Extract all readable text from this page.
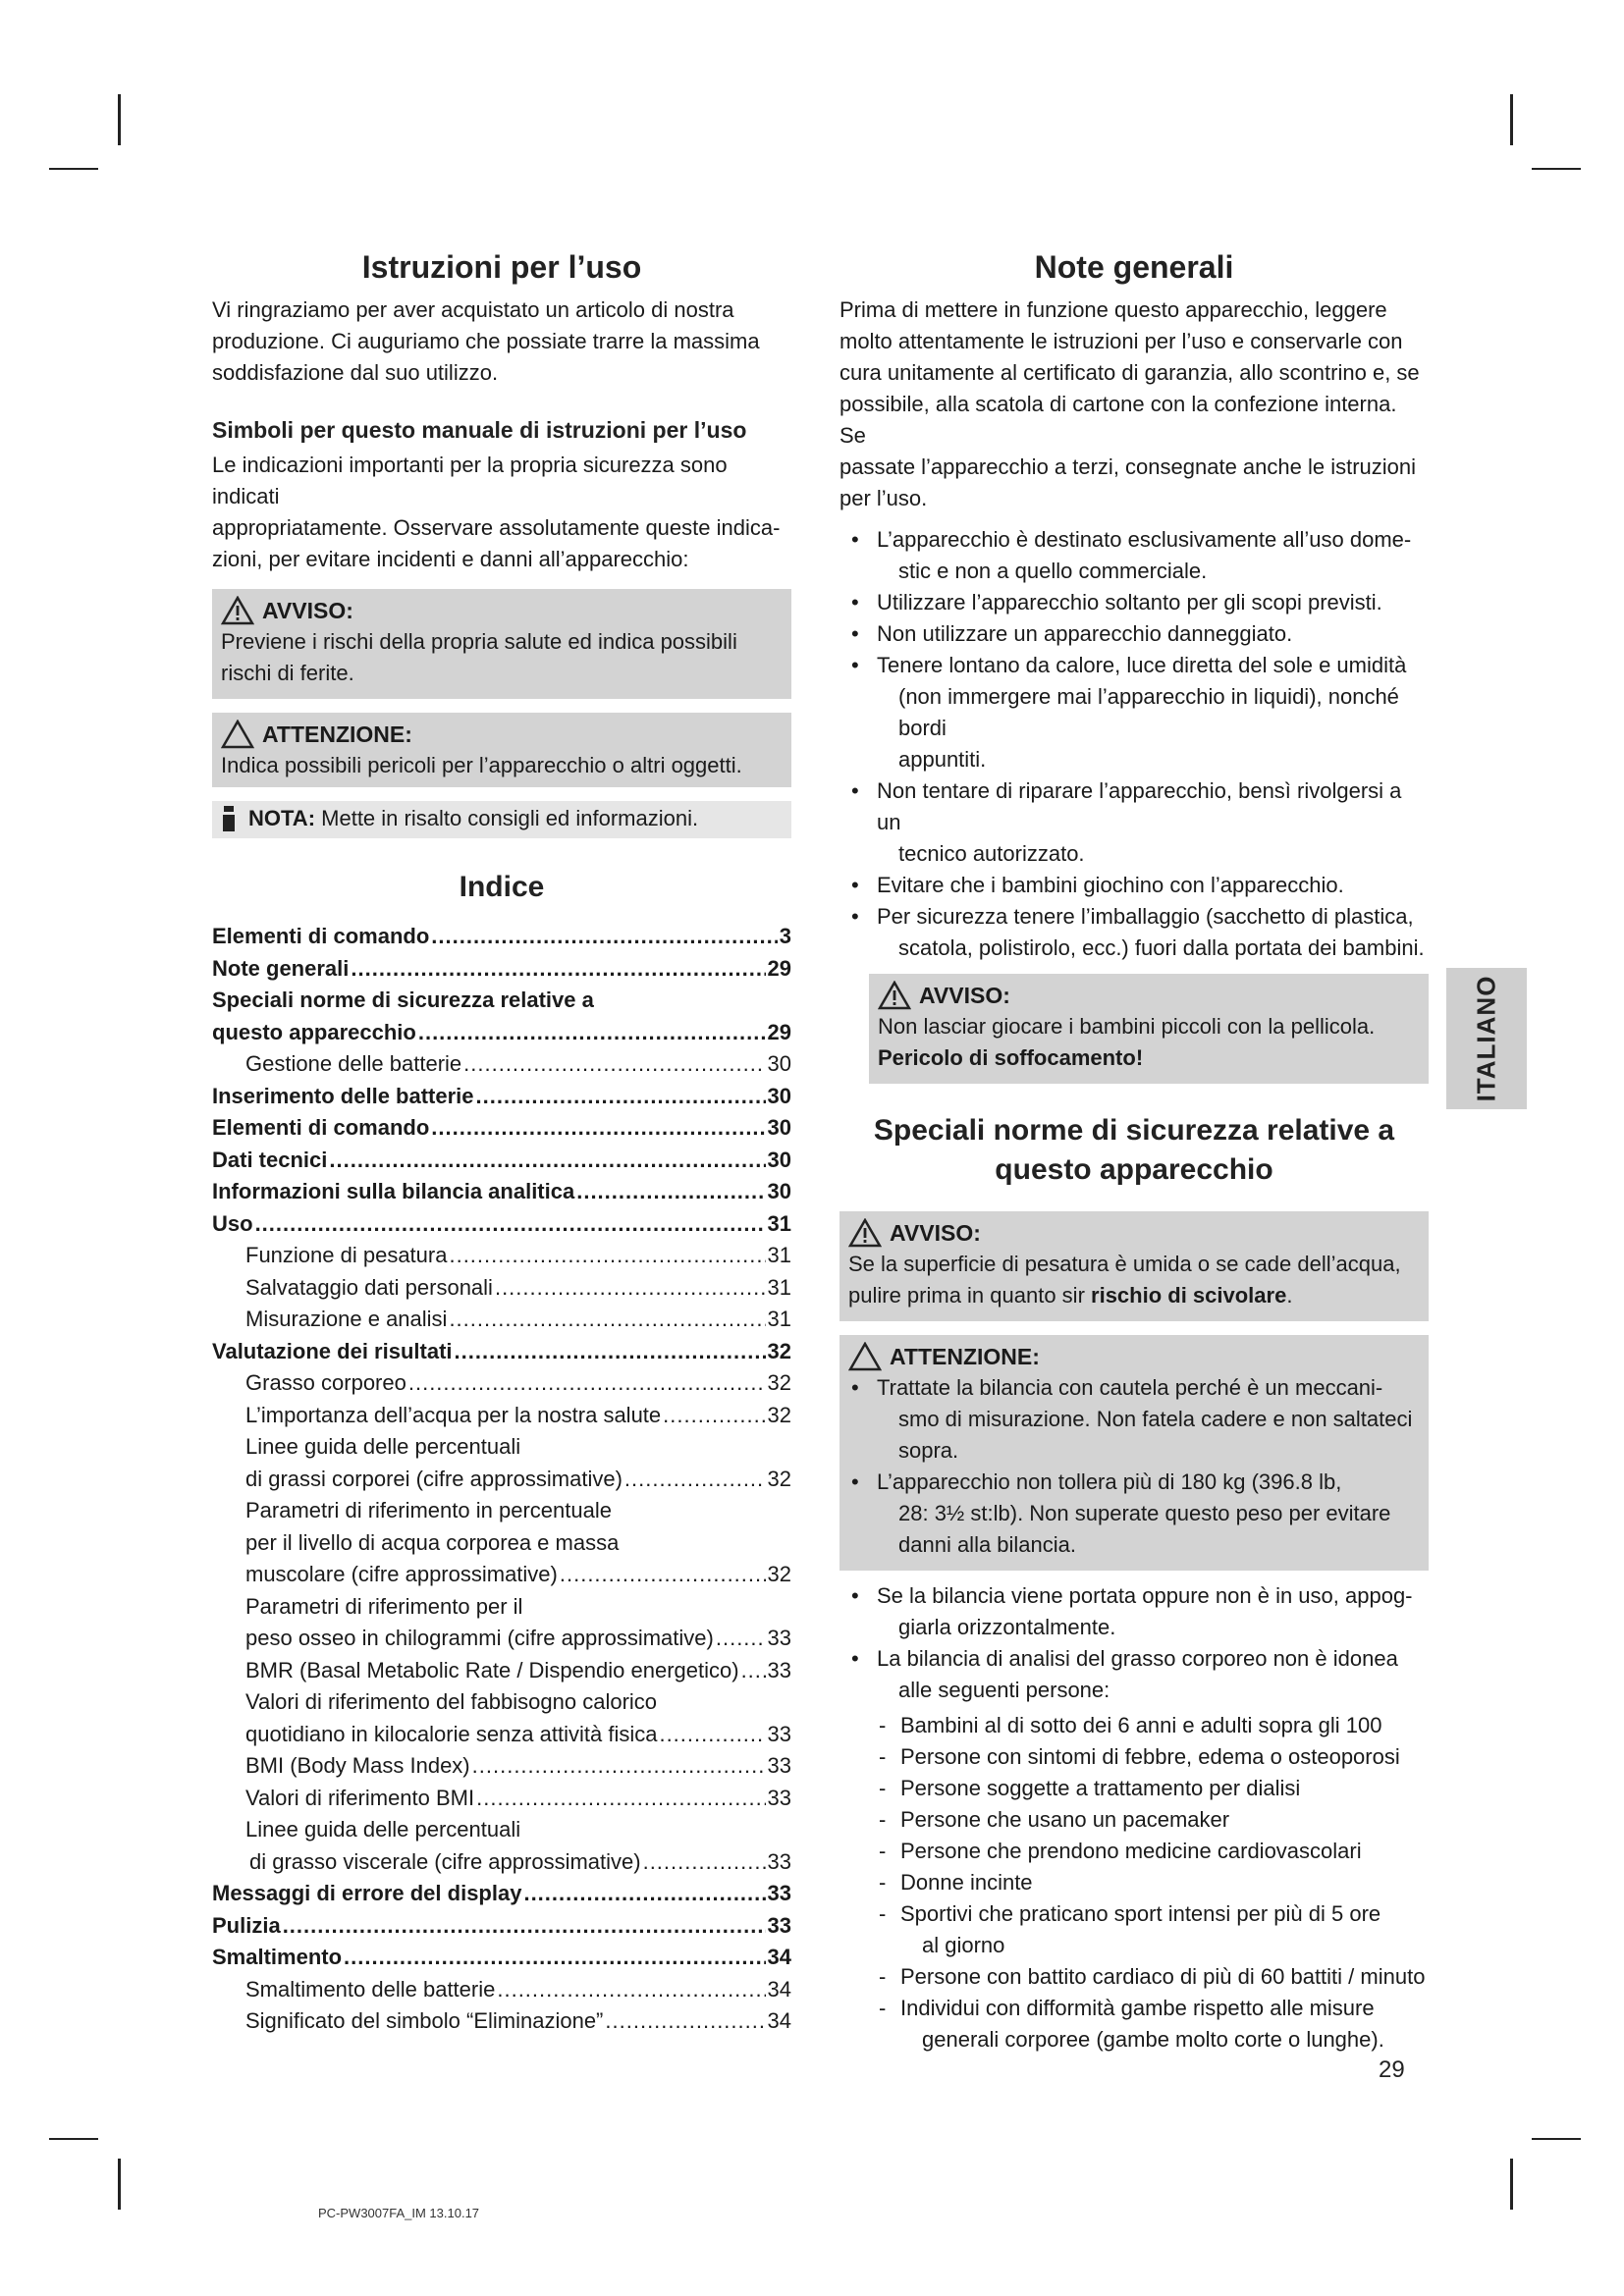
Istruzioni per l’uso

Vi ringraziamo per aver acquistato un articolo di nostra

produzione. Ci auguriamo che possiate trarre la massima

soddisfazione dal suo utilizzo.

Simboli per questo manuale di istruzioni per l’uso

Le indicazioni importanti per la propria sicurezza sono indicati

appropriatamente. Osservare assolutamente queste indica-

zioni, per evitare incidenti e danni all’apparecchio:

AVVISO:
Previene i rischi della propria salute ed indica possibili
rischi di ferite.
ATTENZIONE:
Indica possibili pericoli per l’apparecchio o altri oggetti.
NOTA: Mette in risalto consigli ed informazioni.
Indice
Elementi di comando .....	3
Note generali .....	29
Speciali norme di sicurezza relative a
questo apparecchio .....	29
Gestione delle batterie .....	30
Inserimento delle batterie .....	30
Elementi di comando .....	30
Dati tecnici .....	30
Informazioni sulla bilancia analitica .....	30
Uso .....	31
Funzione di pesatura .....	31
Salvataggio dati personali .....	31
Misurazione e analisi .....	31
Valutazione dei risultati .....	32
Grasso corporeo .....	32
L’importanza dell’acqua per la nostra salute .....	32
Linee guida delle percentuali
di grassi corporei (cifre approssimative) .....	32
Parametri di riferimento in percentuale
per il livello di acqua corporea e massa
muscolare (cifre approssimative) .....	32
Parametri di riferimento per il
peso osseo in chilogrammi (cifre approssimative) ..... 33
BMR (Basal Metabolic Rate / Dispendio energetico) ..... 33
Valori di riferimento del fabbisogno calorico
quotidiano in kilocalorie senza attività fisica .....	33
BMI (Body Mass Index) .....	33
Valori di riferimento BMI .....	33
Linee guida delle percentuali
di grasso viscerale (cifre approssimative) .....	33
Messaggi di errore del display .....	33
Pulizia .....	33
Smaltimento .....	34
Smaltimento delle batterie .....	34
Significato del simbolo “Eliminazione” .....	34
Note generali

Prima di mettere in funzione questo apparecchio, leggere

molto attentamente le istruzioni per l’uso e conservarle con

cura unitamente al certificato di garanzia, allo scontrino e, se

possibile, alla scatola di cartone con la confezione interna. Se

passate l’apparecchio a terzi, consegnate anche le istruzioni

per l’uso.

• L’apparecchio è destinato esclusivamente all’uso dome-
stic e non a quello commerciale.
• Utilizzare l’apparecchio soltanto per gli scopi previsti.
• Non utilizzare un apparecchio danneggiato.
• Tenere lontano da calore, luce diretta del sole e umidità
(non immergere mai l’apparecchio in liquidi), nonché bordi
appuntiti.
• Non tentare di riparare l’apparecchio, bensì rivolgersi a un
tecnico autorizzato.
• Evitare che i bambini giochino con l’apparecchio.
• Per sicurezza tenere l’imballaggio (sacchetto di plastica,
scatola, polistirolo, ecc.) fuori dalla portata dei bambini.
AVVISO:
Non lasciar giocare i bambini piccoli con la pellicola.
Pericolo di soffocamento!
Speciali norme di sicurezza relative a
questo apparecchio
AVVISO:
Se la superficie di pesatura è umida o se cade dell’acqua,
pulire prima in quanto sir rischio di scivolare.
ATTENZIONE:
• Trattate la bilancia con cautela perché è un meccani-
smo di misurazione. Non fatela cadere e non saltateci
sopra.
• L’apparecchio non tollera più di 180 kg (396.8 lb,
28: 3½ st:lb). Non superate questo peso per evitare
danni alla bilancia.
• Se la bilancia viene portata oppure non è in uso, appog-
giarla orizzontalmente.
• La bilancia di analisi del grasso corporeo non è idonea
alle seguenti persone:
- Bambini al di sotto dei 6 anni e adulti sopra gli 100
- Persone con sintomi di febbre, edema o osteoporosi
- Persone soggette a trattamento per dialisi
- Persone che usano un pacemaker
- Persone che prendono medicine cardiovascolari
- Donne incinte
- Sportivi che praticano sport intensi per più di 5 ore
al giorno
- Persone con battito cardiaco di più di 60 battiti / minuto
- Individui con difformità gambe rispetto alle misure
generali corporee (gambe molto corte o lunghe).
ITALIANO
29
PC-PW3007FA_IM 13.10.17
